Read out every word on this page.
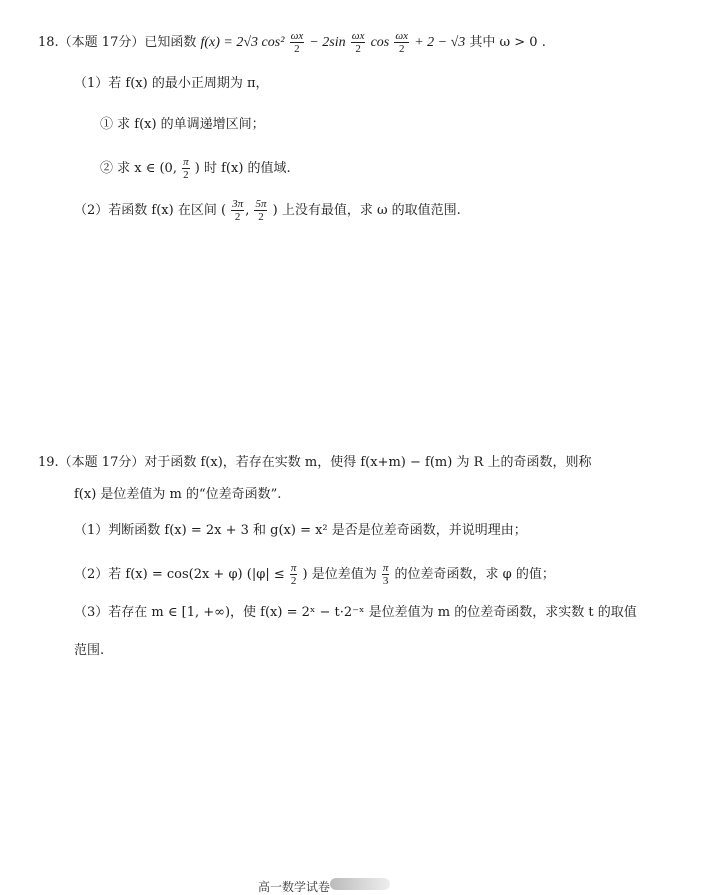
18.（本题 17分）已知函数 f(x) = 2√3 $\cos^2 \frac{\omega x}{2} - 2\sin \frac{\omega x}{2}$ $\cos \frac{\omega x}{2} + 2 - √3$ 其中 ω > 0 .
（1）若 f(x) 的最小正周期为 π，
① 求 f(x) 的单调递增区间；
② 求 x ∈ (0, $\frac{\pi}{2}$ ) 时 f(x) 的值域.
（2）若函数 f(x) 在区间 ( $\frac{3\pi}{2}$ , $\frac{5\pi}{2}$ ) 上没有最值，求 ω 的取值范围.
19.（本题 17分）对于函数 f(x)，若存在实数 m，使得 f(x+m) − f(m) 为 R 上的奇函数，则称
f(x) 是位差值为 m 的“位差奇函数”.
（1）判断函数 f(x) = 2x + 3 和 g(x) = x² 是否是位差奇函数，并说明理由；
（2）若 f(x) = cos(2x + φ) ($|\varphi| \le \frac{\pi}{2}$ ) 是位差值为 $\frac{\pi}{3}$ 的位差奇函数，求 φ 的值；
（3）若存在 m ∈ [1, +∞)，使 f(x) = 2ˣ − t·2⁻ˣ 是位差值为 m 的位差奇函数，求实数 t 的取值
范围.
高一数学试卷
